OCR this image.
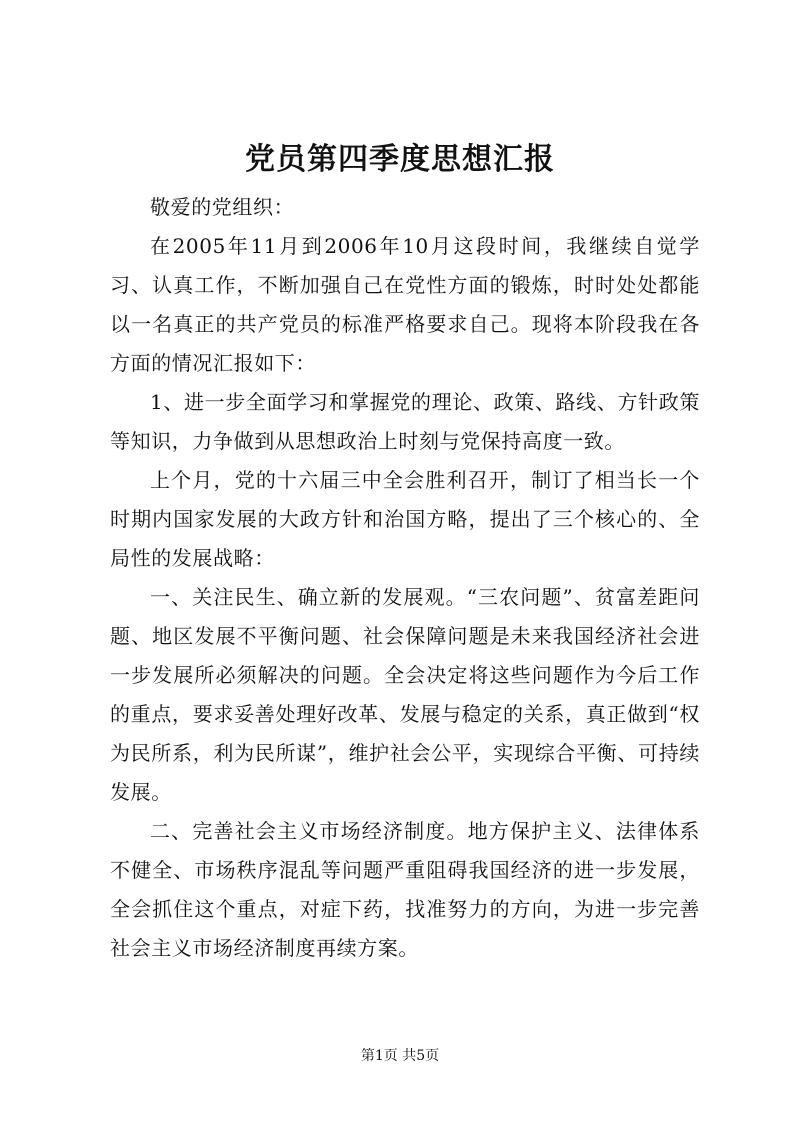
党员第四季度思想汇报

敬爱的党组织：

在2005年11月到2006年10月这段时间，我继续自觉学习、认真工作，不断加强自己在党性方面的锻炼，时时处处都能以一名真正的共产党员的标准严格要求自己。现将本阶段我在各方面的情况汇报如下：

1、进一步全面学习和掌握党的理论、政策、路线、方针政策等知识，力争做到从思想政治上时刻与党保持高度一致。

上个月，党的十六届三中全会胜利召开，制订了相当长一个时期内国家发展的大政方针和治国方略，提出了三个核心的、全局性的发展战略：

一、关注民生、确立新的发展观。“三农问题”、贫富差距问题、地区发展不平衡问题、社会保障问题是未来我国经济社会进一步发展所必须解决的问题。全会决定将这些问题作为今后工作的重点，要求妥善处理好改革、发展与稳定的关系，真正做到“权为民所系，利为民所谋”，维护社会公平，实现综合平衡、可持续发展。

二、完善社会主义市场经济制度。地方保护主义、法律体系不健全、市场秩序混乱等问题严重阻碍我国经济的进一步发展，全会抓住这个重点，对症下药，找准努力的方向，为进一步完善社会主义市场经济制度再续方案。

第1页 共5页
